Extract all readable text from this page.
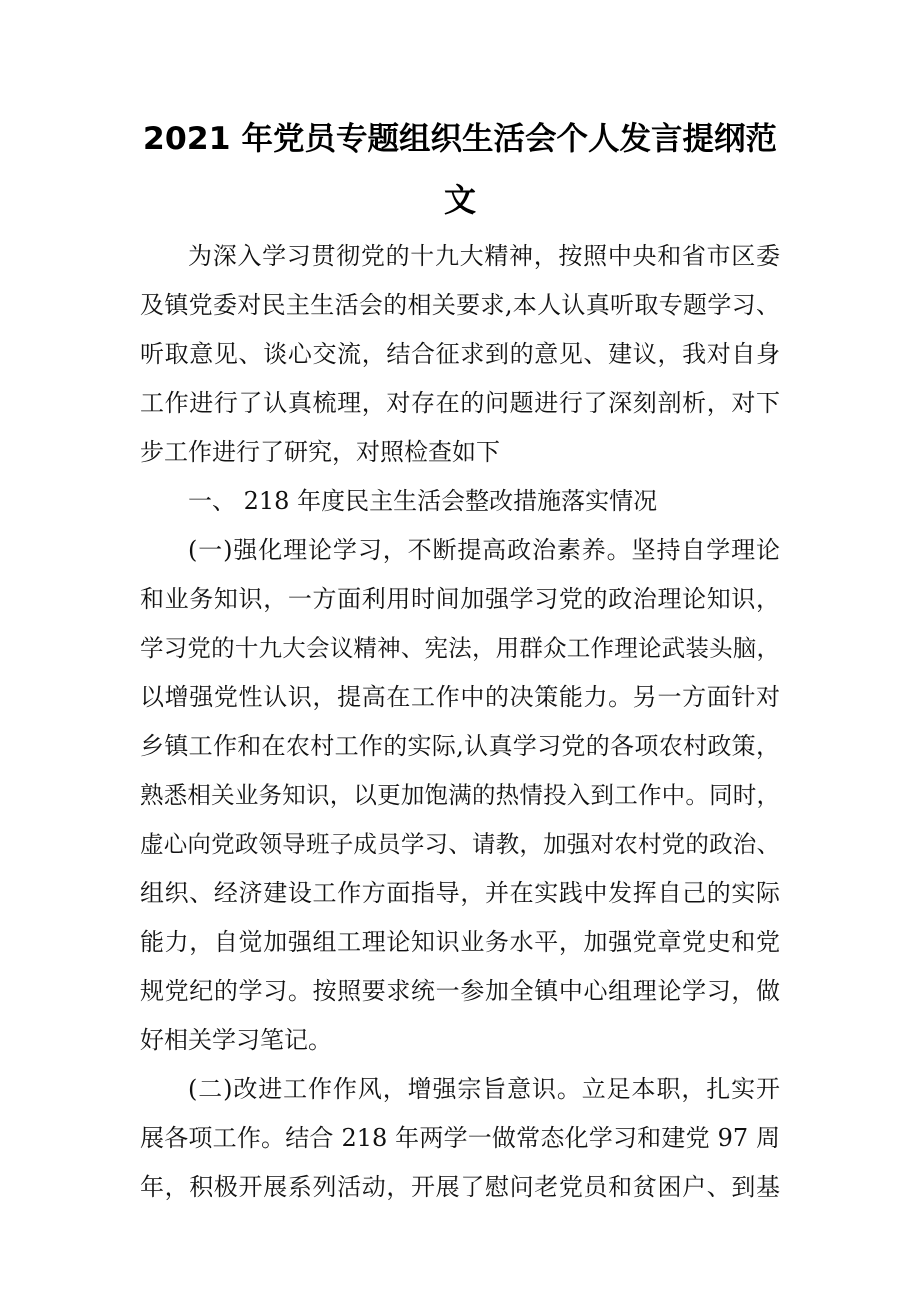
2021 年党员专题组织生活会个人发言提纲范
文
为深入学习贯彻党的十九大精神，按照中央和省市区委
及镇党委对民主生活会的相关要求,本人认真听取专题学习、
听取意见、谈心交流，结合征求到的意见、建议，我对自身
工作进行了认真梳理，对存在的问题进行了深刻剖析，对下
步工作进行了研究，对照检查如下
一、 218 年度民主生活会整改措施落实情况
(一)强化理论学习，不断提高政治素养。坚持自学理论
和业务知识，一方面利用时间加强学习党的政治理论知识，
学习党的十九大会议精神、宪法，用群众工作理论武装头脑，
以增强党性认识，提高在工作中的决策能力。另一方面针对
乡镇工作和在农村工作的实际,认真学习党的各项农村政策，
熟悉相关业务知识，以更加饱满的热情投入到工作中。同时，
虚心向党政领导班子成员学习、请教，加强对农村党的政治、
组织、经济建设工作方面指导，并在实践中发挥自己的实际
能力，自觉加强组工理论知识业务水平，加强党章党史和党
规党纪的学习。按照要求统一参加全镇中心组理论学习，做
好相关学习笔记。
(二)改进工作作风，增强宗旨意识。立足本职，扎实开
展各项工作。结合 218 年两学一做常态化学习和建党 97 周
年，积极开展系列活动，开展了慰问老党员和贫困户、到基
